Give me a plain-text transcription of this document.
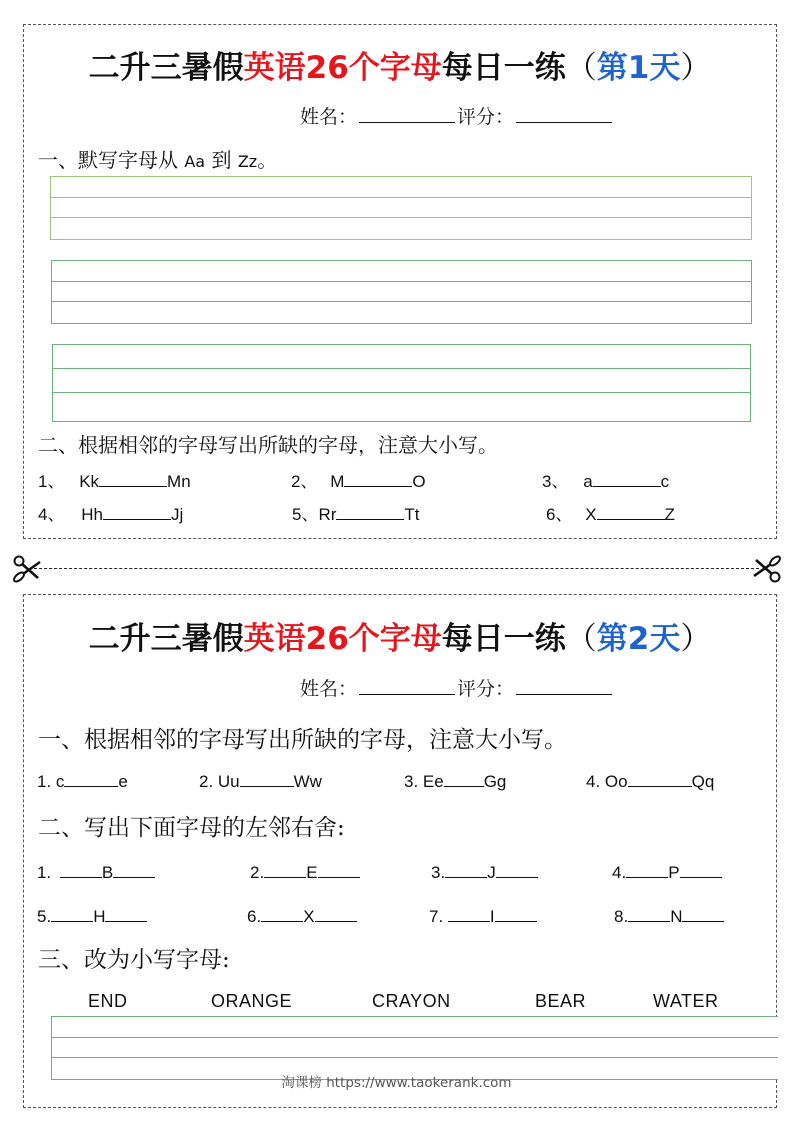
二升三暑假英语26个字母每日一练（第1天）
姓名：	评分：
一、默写字母从 Aa 到 Zz。
二、根据相邻的字母写出所缺的字母，注意大小写。
1、 Kk	Mn	2、 M	O	3、 a	c
4、 Hh	Jj	5、Rr	Tt	6、 X	Z
二升三暑假英语26个字母每日一练（第2天）
姓名：	评分：
一、根据相邻的字母写出所缺的字母，注意大小写。
1. c	e	2. Uu	Ww	3. Ee Gg	4. Oo	Qq
二、写出下面字母的左邻右舍:
1.	B	2. E	3. J	4. P
5. H	6. X	7. I	8. N
三、改为小写字母:
END	ORANGE	CRAYON	BEAR	WATER
淘课榜 https://www.taokerank.com
